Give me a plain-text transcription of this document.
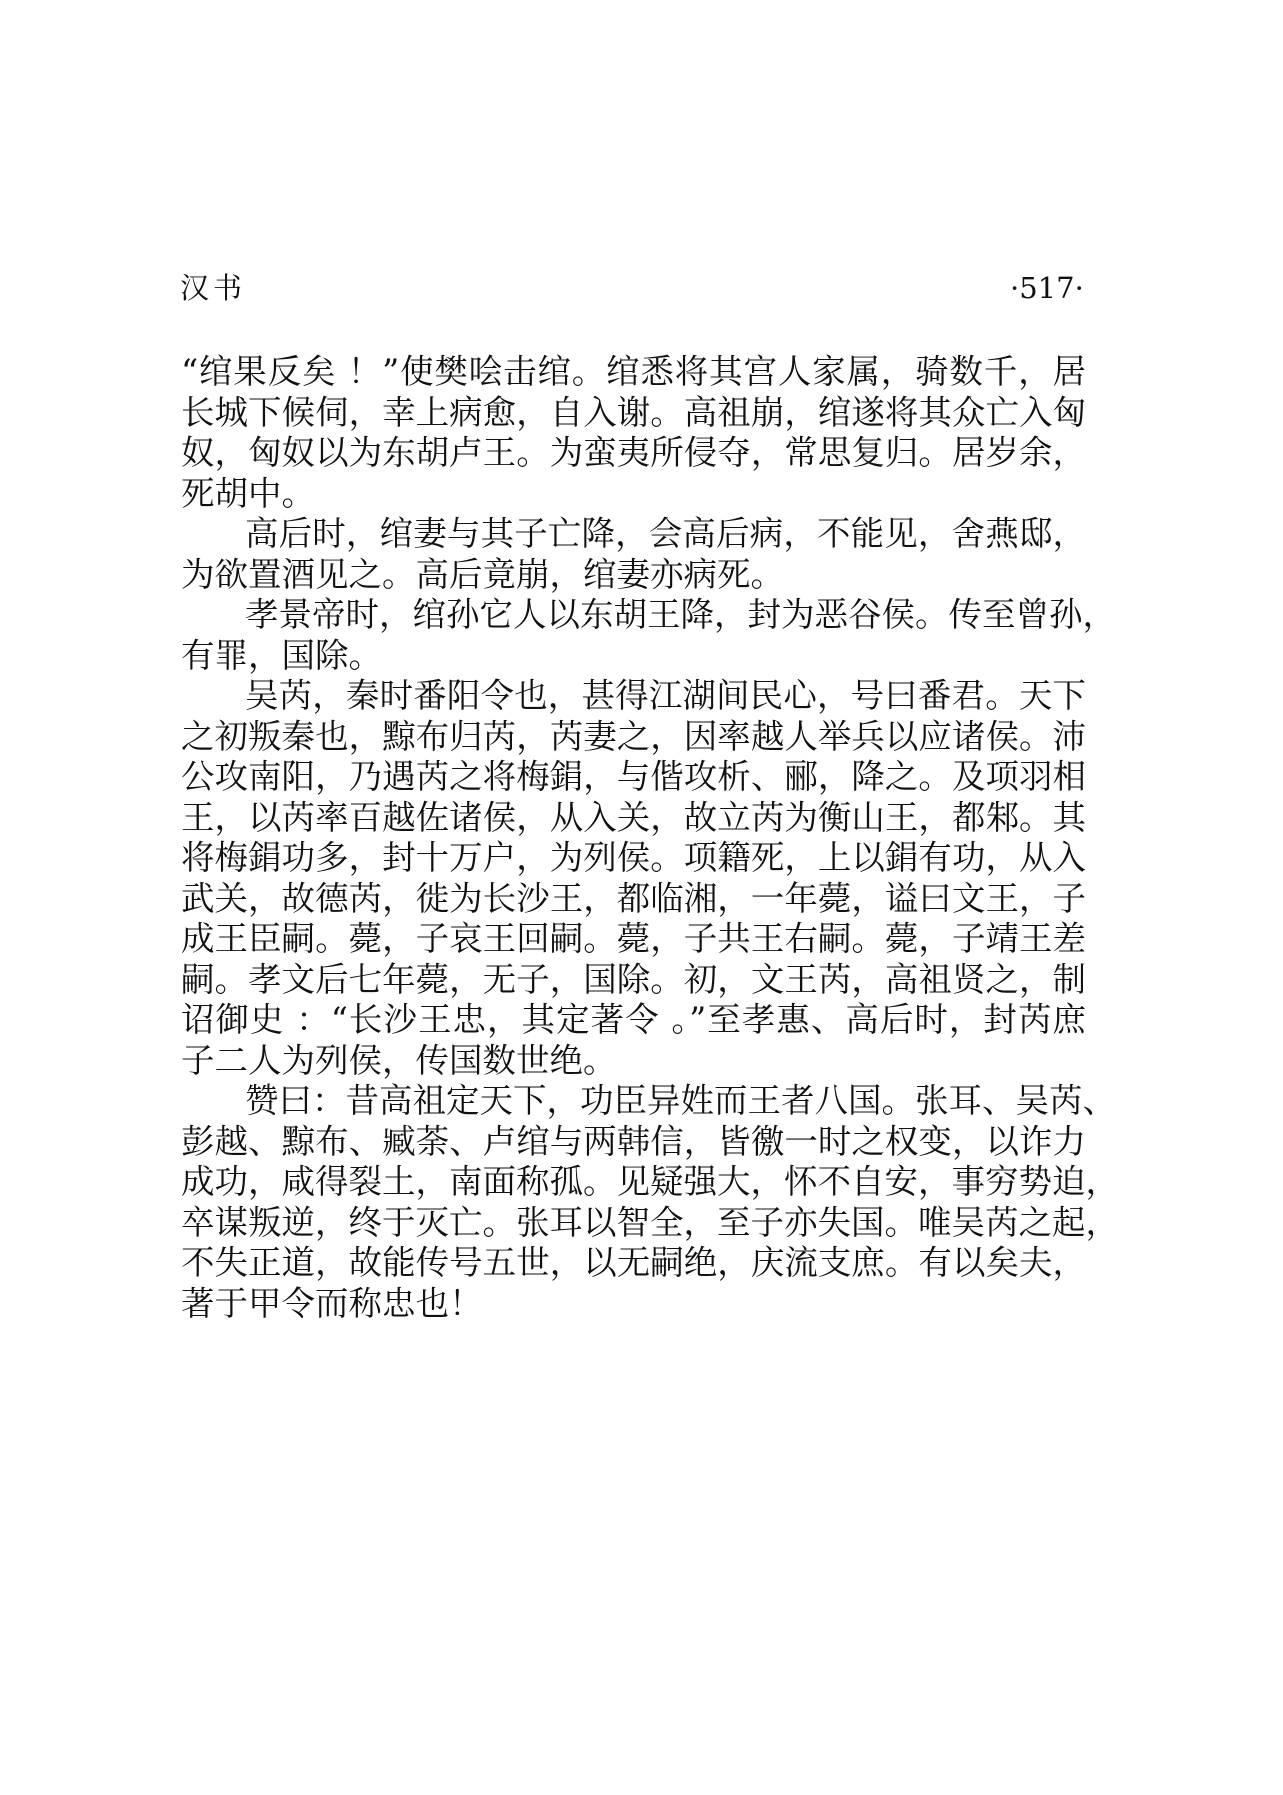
汉书	·517·
“绾果反矣 ！”使樊哙击绾。绾悉将其宫人家属，骑数千，居
长城下候伺，幸上病愈，自入谢。高祖崩，绾遂将其众亡入匈
奴，匈奴以为东胡卢王。为蛮夷所侵夺，常思复归。居岁余，
死胡中。
高后时，绾妻与其子亡降，会高后病，不能见，舍燕邸，
为欲置酒见之。高后竟崩，绾妻亦病死。
孝景帝时，绾孙它人以东胡王降，封为恶谷侯。传至曾孙，
有罪，国除。
吴芮，秦时番阳令也，甚得江湖间民心，号曰番君。天下
之初叛秦也，黥布归芮，芮妻之，因率越人举兵以应诸侯。沛
公攻南阳，乃遇芮之将梅鋗，与偕攻析、郦，降之。及项羽相
王，以芮率百越佐诸侯，从入关，故立芮为衡山王，都邾。其
将梅鋗功多，封十万户，为列侯。项籍死，上以鋗有功，从入
武关，故德芮，徙为长沙王，都临湘，一年薨，谥曰文王，子
成王臣嗣。薨，子哀王回嗣。薨，子共王右嗣。薨，子靖王差
嗣。孝文后七年薨，无子，国除。初，文王芮，高祖贤之，制
诏御史 ：“长沙王忠，其定著令 。”至孝惠、高后时，封芮庶
子二人为列侯，传国数世绝。
赞曰：昔高祖定天下，功臣异姓而王者八国。张耳、吴芮、
彭越、黥布、臧荼、卢绾与两韩信，皆徼一时之权变，以诈力
成功，咸得裂土，南面称孤。见疑强大，怀不自安，事穷势迫，
卒谋叛逆，终于灭亡。张耳以智全，至子亦失国。唯吴芮之起，
不失正道，故能传号五世，以无嗣绝，庆流支庶。有以矣夫，
著于甲令而称忠也！
